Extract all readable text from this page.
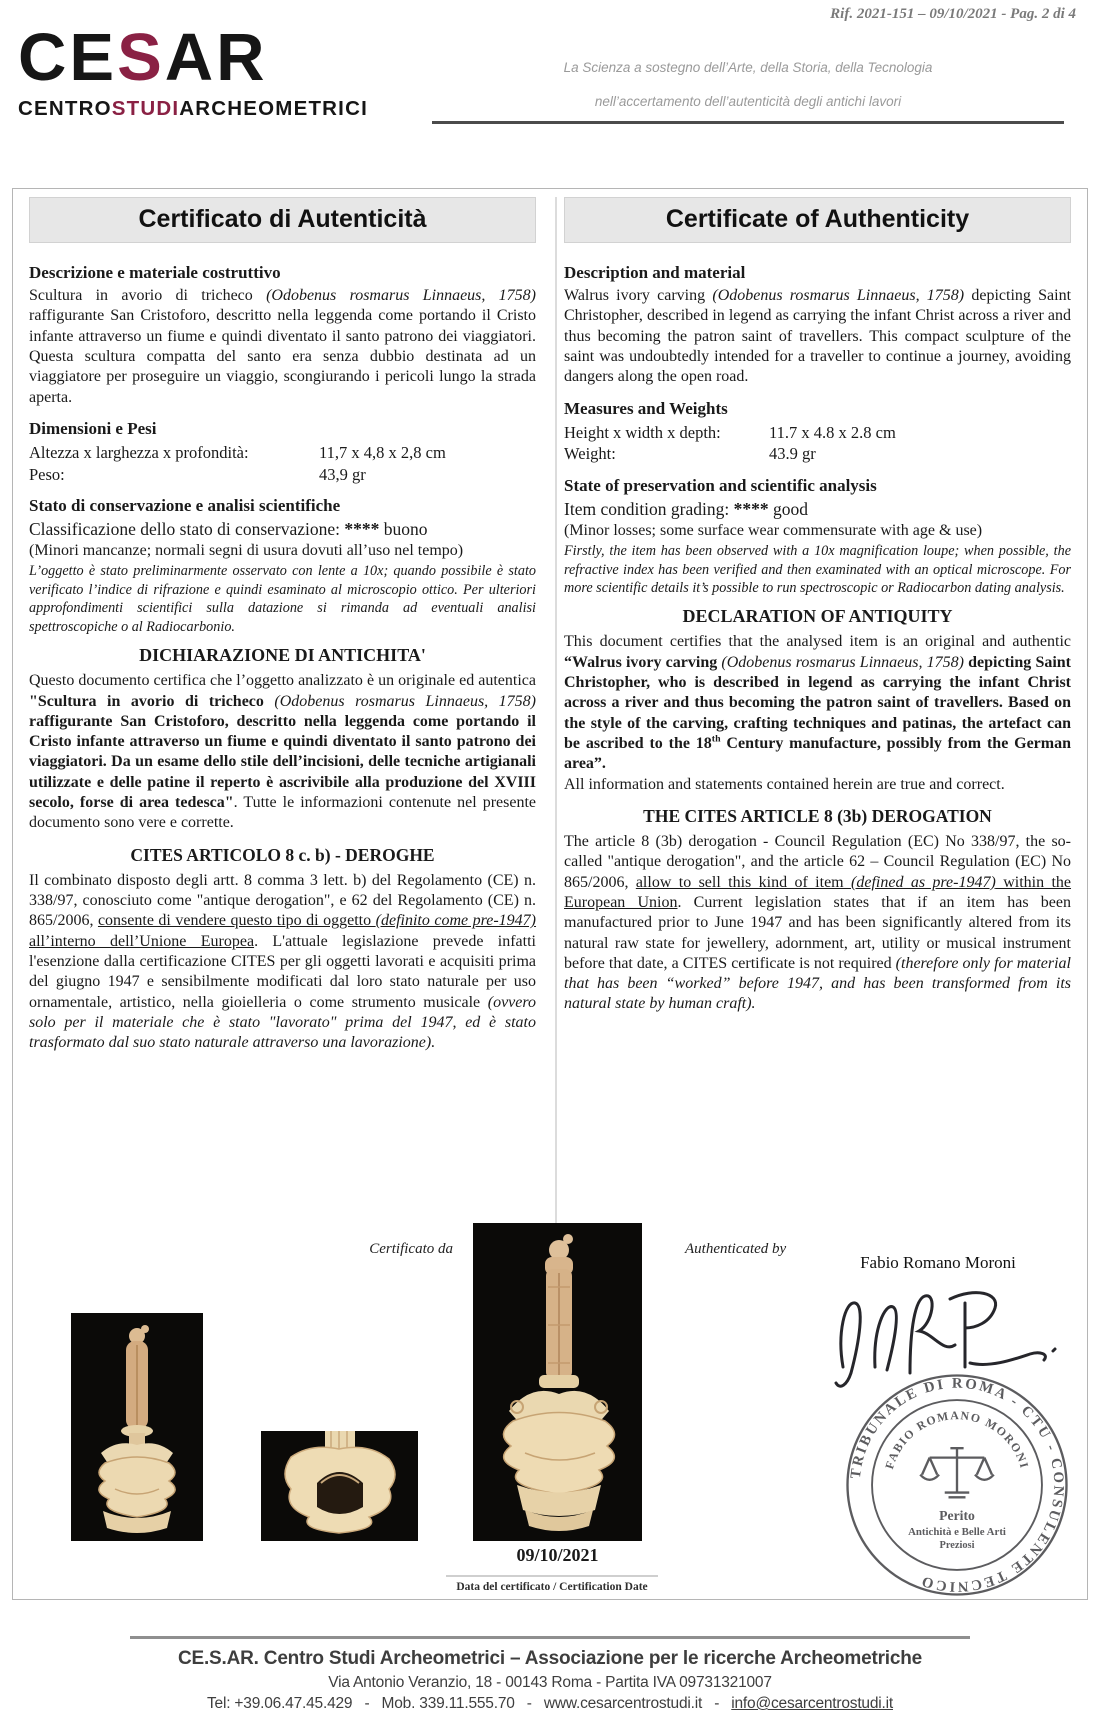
Rif. 2021-151 – 09/10/2021 - Pag. 2 di 4
CESAR
CENTROSTUDIARCHEOMETRICI
La Scienza a sostegno dell’Arte, della Storia, della Tecnologia
nell’accertamento dell’autenticità degli antichi lavori
Certificato di Autenticità
Descrizione e materiale costruttivo

Scultura in avorio di tricheco (Odobenus rosmarus Linnaeus, 1758) raffigurante San Cristoforo, descritto nella leggenda come portando il Cristo infante attraverso un fiume e quindi diventato il santo patrono dei viaggiatori. Questa scultura compatta del santo era senza dubbio destinata ad un viaggiatore per proseguire un viaggio, scongiurando i pericoli lungo la strada aperta.

Dimensioni e Pesi
Altezza x larghezza x profondità:	11,7 x 4,8 x 2,8 cm
Peso:	43,9 gr
Stato di conservazione e analisi scientifiche
Classificazione dello stato di conservazione: **** buono
(Minori mancanze; normali segni di usura dovuti all’uso nel tempo)

L’oggetto è stato preliminarmente osservato con lente a 10x; quando possibile è stato verificato l’indice di rifrazione e quindi esaminato al microscopio ottico. Per ulteriori approfondimenti scientifici sulla datazione si rimanda ad eventuali analisi spettroscopiche o al Radiocarbonio.

DICHIARAZIONE DI ANTICHITA'

Questo documento certifica che l’oggetto analizzato è un originale ed autentica "Scultura in avorio di tricheco (Odobenus rosmarus Linnaeus, 1758) raffigurante San Cristoforo, descritto nella leggenda come portando il Cristo infante attraverso un fiume e quindi diventato il santo patrono dei viaggiatori. Da un esame dello stile dell’incisioni, delle tecniche artigianali utilizzate e delle patine il reperto è ascrivibile alla produzione del XVIII secolo, forse di area tedesca". Tutte le informazioni contenute nel presente documento sono vere e corrette.

CITES ARTICOLO 8 c. b) - DEROGHE

Il combinato disposto degli artt. 8 comma 3 lett. b) del Regolamento (CE) n. 338/97, conosciuto come "antique derogation", e 62 del Regolamento (CE) n. 865/2006, consente di vendere questo tipo di oggetto (definito come pre-1947) all’interno dell’Unione Europea. L'attuale legislazione prevede infatti l'esenzione dalla certificazione CITES per gli oggetti lavorati e acquisiti prima del giugno 1947 e sensibilmente modificati dal loro stato naturale per uso ornamentale, artistico, nella gioielleria o come strumento musicale (ovvero solo per il materiale che è stato "lavorato" prima del 1947, ed è stato trasformato dal suo stato naturale attraverso una lavorazione).

Certificate of Authenticity
Description and material

Walrus ivory carving (Odobenus rosmarus Linnaeus, 1758) depicting Saint Christopher, described in legend as carrying the infant Christ across a river and thus becoming the patron saint of travellers. This compact sculpture of the saint was undoubtedly intended for a traveller to continue a journey, avoiding dangers along the open road.

Measures and Weights
Height x width x depth:	11.7 x 4.8 x 2.8 cm
Weight:	43.9 gr
State of preservation and scientific analysis
Item condition grading: **** good
(Minor losses; some surface wear commensurate with age & use)

Firstly, the item has been observed with a 10x magnification loupe; when possible, the refractive index has been verified and then examinated with an optical microscope. For more scientific details it’s possible to run spectroscopic or Radiocarbon dating analysis.

DECLARATION OF ANTIQUITY

This document certifies that the analysed item is an original and authentic “Walrus ivory carving (Odobenus rosmarus Linnaeus, 1758) depicting Saint Christopher, who is described in legend as carrying the infant Christ across a river and thus becoming the patron saint of travellers. Based on the style of the carving, crafting techniques and patinas, the artefact can be ascribed to the 18th Century manufacture, possibly from the German area”.
All information and statements contained herein are true and correct.

THE CITES ARTICLE 8 (3b) DEROGATION

The article 8 (3b) derogation - Council Regulation (EC) No 338/97, the so-called "antique derogation", and the article 62 – Council Regulation (EC) No 865/2006, allow to sell this kind of item (defined as pre-1947) within the European Union. Current legislation states that if an item has been manufactured prior to June 1947 and has been significantly altered from its natural raw state for jewellery, adornment, art, utility or musical instrument before that date, a CITES certificate is not required (therefore only for material that has been “worked” before 1947, and has been transformed from its natural state by human craft).

Certificato da	Authenticated by
Fabio Romano Moroni
TRIBUNALE DI ROMA - CTU - CONSULENTE TECNICO
FABIO ROMANO MORONI
Perito
Antichità e Belle Arti
Preziosi
09/10/2021
Data del certificato / Certification Date
CE.S.AR. Centro Studi Archeometrici – Associazione per le ricerche Archeometriche
Via Antonio Veranzio, 18 - 00143 Roma - Partita IVA 09731321007
Tel: +39.06.47.45.429 - Mob. 339.11.555.70 - www.cesarcentrostudi.it - info@cesarcentrostudi.it
